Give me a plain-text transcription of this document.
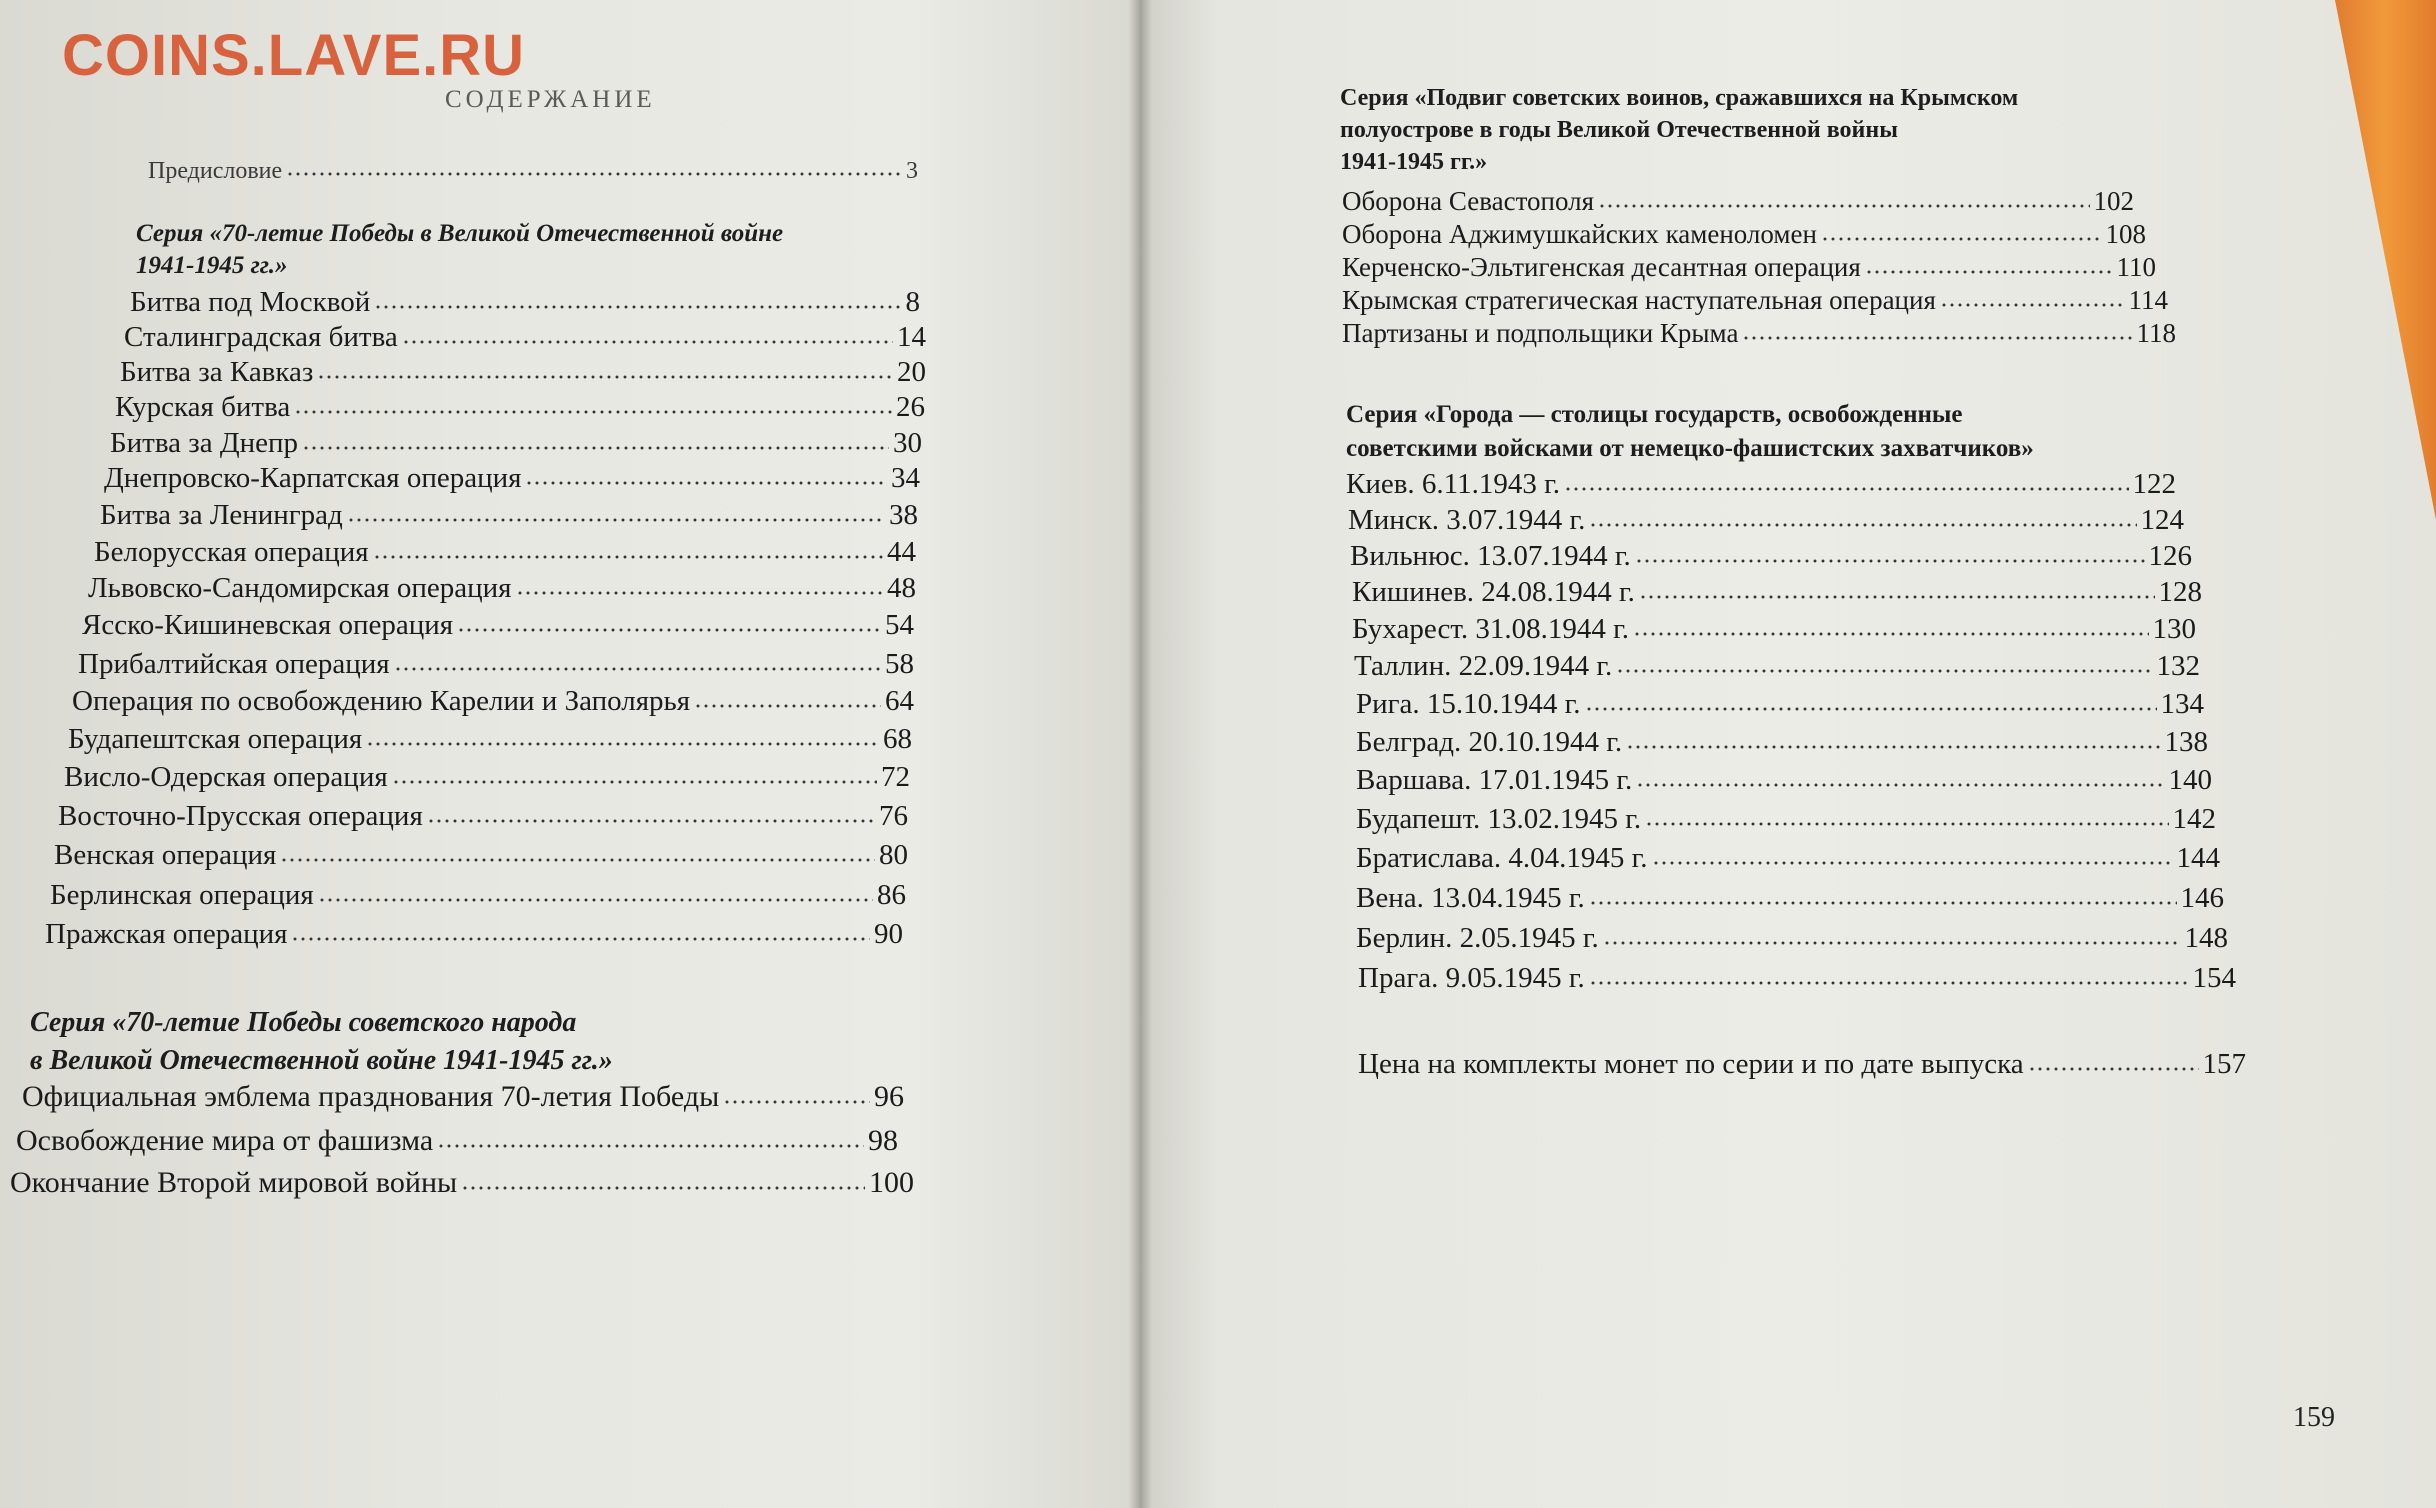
COINS.LAVE.RU
СОДЕРЖАНИЕ
Предисловие	3
Серия «70-летие Победы в Великой Отечественной войне
1941-1945 гг.»
Битва под Москвой	8
Сталинградская битва	14
Битва за Кавказ	20
Курская битва	26
Битва за Днепр	30
Днепровско-Карпатская операция	34
Битва за Ленинград	38
Белорусская операция	44
Львовско-Сандомирская операция	48
Ясско-Кишиневская операция	54
Прибалтийская операция	58
Операция по освобождению Карелии и Заполярья	64
Будапештская операция	68
Висло-Одерская операция	72
Восточно-Прусская операция	76
Венская операция	80
Берлинская операция	86
Пражская операция	90
Серия «70-летие Победы советского народа
в Великой Отечественной войне 1941-1945 гг.»
Официальная эмблема празднования 70-летия Победы	96
Освобождение мира от фашизма	98
Окончание Второй мировой войны	100
Серия «Подвиг советских воинов, сражавшихся на Крымском
полуострове в годы Великой Отечественной войны
1941-1945 гг.»
Оборона Севастополя	102
Оборона Аджимушкайских каменоломен	108
Керченско-Эльтигенская десантная операция	110
Крымская стратегическая наступательная операция	114
Партизаны и подпольщики Крыма	118
Серия «Города — столицы государств, освобожденные
советскими войсками от немецко-фашистских захватчиков»
Киев. 6.11.1943 г.	122
Минск. 3.07.1944 г.	124
Вильнюс. 13.07.1944 г.	126
Кишинев. 24.08.1944 г.	128
Бухарест. 31.08.1944 г.	130
Таллин. 22.09.1944 г.	132
Рига. 15.10.1944 г.	134
Белград. 20.10.1944 г.	138
Варшава. 17.01.1945 г.	140
Будапешт. 13.02.1945 г.	142
Братислава. 4.04.1945 г.	144
Вена. 13.04.1945 г.	146
Берлин. 2.05.1945 г.	148
Прага. 9.05.1945 г.	154
Цена на комплекты монет по серии и по дате выпуска	157
159
